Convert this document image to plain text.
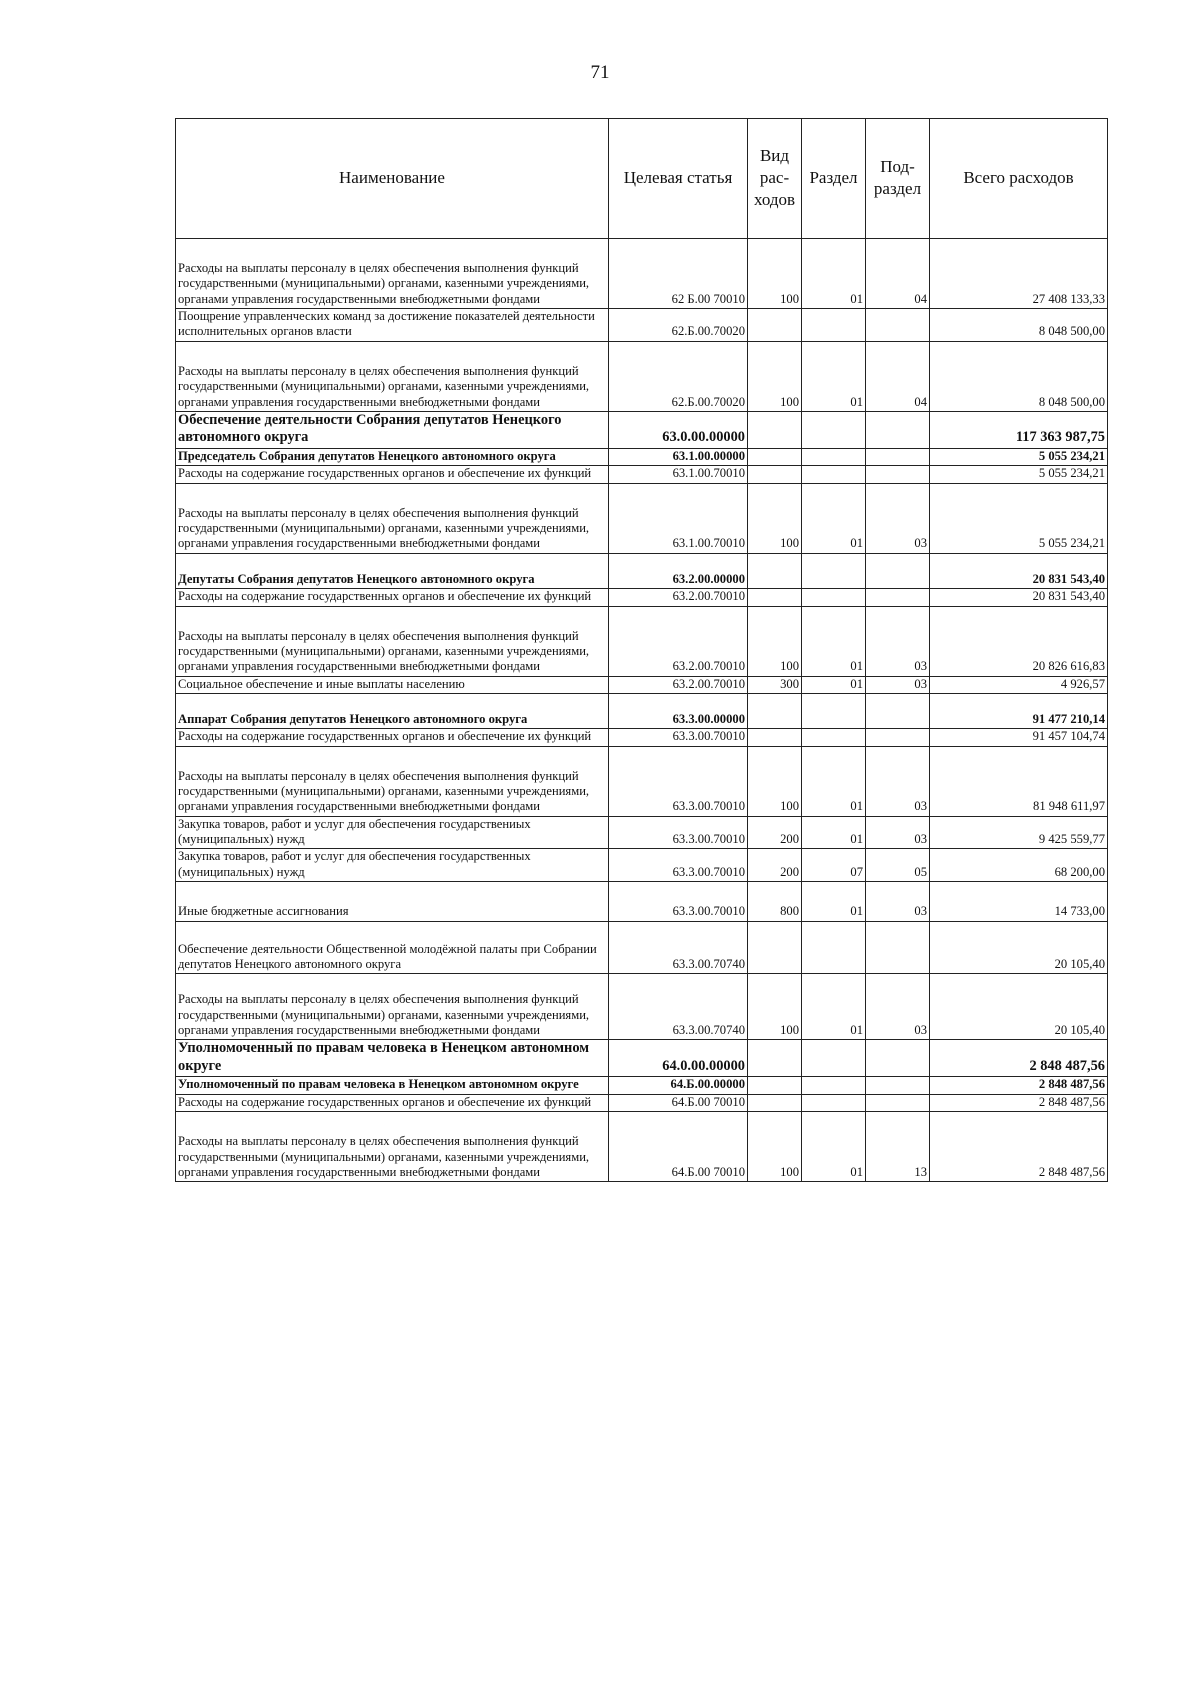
71
Наименование	Целевая статья	Вид рас- ходов	Раздел	Под- раздел	Всего расходов
Расходы на выплаты персоналу в целях обеспечения выполнения функций государственными (муниципальными) органами, казенными учреждениями, органами управления государственными внебюджетными фондами	62 Б.00 70010	100	01	04	27 408 133,33
Поощрение управленческих команд за достижение показателей деятельности исполнительных органов власти	62.Б.00.70020				8 048 500,00
Расходы на выплаты персоналу в целях обеспечения выполнения функций государственными (муниципальными) органами, казенными учреждениями, органами управления государственными внебюджетными фондами	62.Б.00.70020	100	01	04	8 048 500,00
Обеспечение деятельности Собрания депутатов Ненецкого автономного округа	63.0.00.00000				117 363 987,75
Председатель Собрания депутатов Ненецкого автономного округа	63.1.00.00000				5 055 234,21
Расходы на содержание государственных органов и обеспечение их функций	63.1.00.70010				5 055 234,21
Расходы на выплаты персоналу в целях обеспечения выполнения функций государственными (муниципальными) органами, казенными учреждениями, органами управления государственными внебюджетными фондами	63.1.00.70010	100	01	03	5 055 234,21
Депутаты Собрания депутатов Ненецкого автономного округа	63.2.00.00000				20 831 543,40
Расходы на содержание государственных органов и обеспечение их функций	63.2.00.70010				20 831 543,40
Расходы на выплаты персоналу в целях обеспечения выполнения функций государственными (муниципальными) органами, казенными учреждениями, органами управления государственными внебюджетными фондами	63.2.00.70010	100	01	03	20 826 616,83
Социальное обеспечение и иные выплаты населению	63.2.00.70010	300	01	03	4 926,57
Аппарат Собрания депутатов Ненецкого автономного округа	63.3.00.00000				91 477 210,14
Расходы на содержание государственных органов и обеспечение их функций	63.3.00.70010				91 457 104,74
Расходы на выплаты персоналу в целях обеспечения выполнения функций государственными (муниципальными) органами, казенными учреждениями, органами управления государственными внебюджетными фондами	63.3.00.70010	100	01	03	81 948 611,97
Закупка товаров, работ и услуг для обеспечения государствениых (муниципальных) нужд	63.3.00.70010	200	01	03	9 425 559,77
Закупка товаров, работ и услуг для обеспечения государственных (муниципальных) нужд	63.3.00.70010	200	07	05	68 200,00
Иные бюджетные ассигнования	63.3.00.70010	800	01	03	14 733,00
Обеспечение деятельности Общественной молодёжной палаты при Собрании депутатов Ненецкого автономного округа	63.3.00.70740				20 105,40
Расходы на выплаты персоналу в целях обеспечения выполнения функций государственными (муниципальными) органами, казенными учреждениями, органами управления государственными внебюджетными фондами	63.3.00.70740	100	01	03	20 105,40
Уполномоченный по правам человека в Ненецком автономном округе	64.0.00.00000				2 848 487,56
Уполномоченный по правам человека в Ненецком автономном округе	64.Б.00.00000				2 848 487,56
Расходы на содержание государственных органов и обеспечение их функций	64.Б.00 70010				2 848 487,56
Расходы на выплаты персоналу в целях обеспечения выполнения функций государственными (муниципальными) органами, казенными учреждениями, органами управления государственными внебюджетными фондами	64.Б.00 70010	100	01	13	2 848 487,56
